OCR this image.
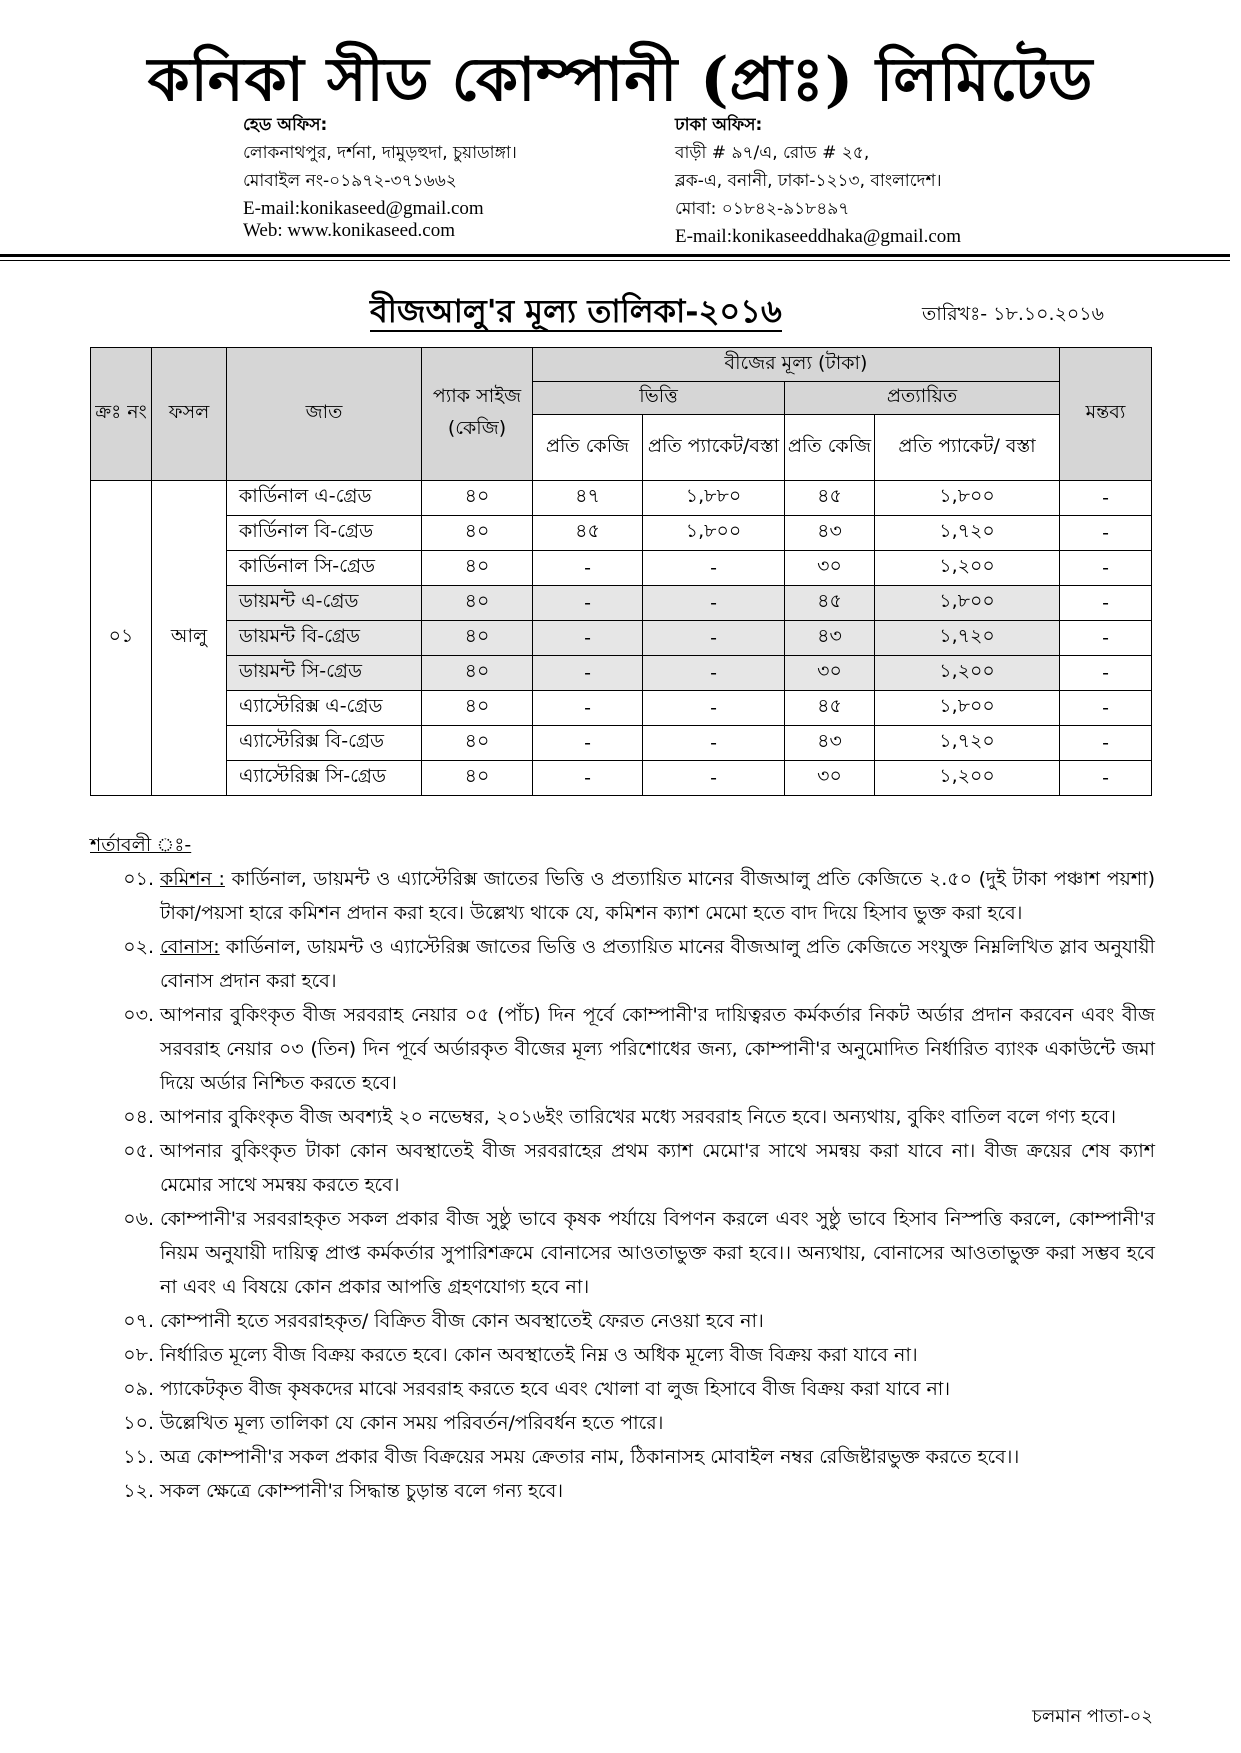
কনিকা সীড কোম্পানী (প্রাঃ) লিমিটেড
হেড অফিস:
লোকনাথপুর, দর্শনা, দামুড়হুদা, চুয়াডাঙ্গা।
মোবাইল নং-০১৯৭২-৩৭১৬৬২
E-mail:konikaseed@gmail.com
Web: www.konikaseed.com
ঢাকা অফিস:
বাড়ী # ৯৭/এ, রোড # ২৫,
ব্লক-এ, বনানী, ঢাকা-১২১৩, বাংলাদেশ।
মোবা: ০১৮৪২-৯১৮৪৯৭
E-mail:konikaseeddhaka@gmail.com
বীজআলু'র মূল্য তালিকা-২০১৬	তারিখঃ- ১৮.১০.২০১৬
ক্রঃ নং	ফসল	জাত	প্যাক সাইজ (কেজি)	বীজের মূল্য (টাকা)				মন্তব্য
				ভিত্তি		প্রত্যায়িত		
				প্রতি কেজি	প্রতি প্যাকেট/বস্তা	প্রতি কেজি	প্রতি প্যাকেট/ বস্তা	
০১	আলু	কার্ডিনাল এ-গ্রেড	৪০	৪৭	১,৮৮০	৪৫	১,৮০০	-
		কার্ডিনাল বি-গ্রেড	৪০	৪৫	১,৮০০	৪৩	১,৭২০	-
		কার্ডিনাল সি-গ্রেড	৪০	-	-	৩০	১,২০০	-
		ডায়মন্ট এ-গ্রেড	৪০	-	-	৪৫	১,৮০০	-
		ডায়মন্ট বি-গ্রেড	৪০	-	-	৪৩	১,৭২০	-
		ডায়মন্ট সি-গ্রেড	৪০	-	-	৩০	১,২০০	-
		এ্যাস্টেরিক্স এ-গ্রেড	৪০	-	-	৪৫	১,৮০০	-
		এ্যাস্টেরিক্স বি-গ্রেড	৪০	-	-	৪৩	১,৭২০	-
		এ্যাস্টেরিক্স সি-গ্রেড	৪০	-	-	৩০	১,২০০	-
শর্তাবলী ঃ-
০১. কমিশন : কার্ডিনাল, ডায়মন্ট ও এ্যাস্টেরিক্স জাতের ভিত্তি ও প্রত্যায়িত মানের বীজআলু প্রতি কেজিতে ২.৫০ (দুই টাকা পঞ্চাশ পয়শা) টাকা/পয়সা হারে কমিশন প্রদান করা হবে। উল্লেখ্য থাকে যে, কমিশন ক্যাশ মেমো হতে বাদ দিয়ে হিসাব ভুক্ত করা হবে।
০২. বোনাস: কার্ডিনাল, ডায়মন্ট ও এ্যাস্টেরিক্স জাতের ভিত্তি ও প্রত্যায়িত মানের বীজআলু প্রতি কেজিতে সংযুক্ত নিম্নলিখিত স্লাব অনুযায়ী বোনাস প্রদান করা হবে।
০৩. আপনার বুকিংকৃত বীজ সরবরাহ নেয়ার ০৫ (পাঁচ) দিন পূর্বে কোম্পানী'র দায়িত্বরত কর্মকর্তার নিকট অর্ডার প্রদান করবেন এবং বীজ সরবরাহ নেয়ার ০৩ (তিন) দিন পূর্বে অর্ডারকৃত বীজের মূল্য পরিশোধের জন্য, কোম্পানী'র অনুমোদিত নির্ধারিত ব্যাংক একাউন্টে জমা দিয়ে অর্ডার নিশ্চিত করতে হবে।
০৪. আপনার বুকিংকৃত বীজ অবশ্যই ২০ নভেম্বর, ২০১৬ইং তারিখের মধ্যে সরবরাহ নিতে হবে। অন্যথায়, বুকিং বাতিল বলে গণ্য হবে।
০৫. আপনার বুকিংকৃত টাকা কোন অবস্থাতেই বীজ সরবরাহের প্রথম ক্যাশ মেমো'র সাথে সমন্বয় করা যাবে না। বীজ ক্রয়ের শেষ ক্যাশ মেমোর সাথে সমন্বয় করতে হবে।
০৬. কোম্পানী'র সরবরাহকৃত সকল প্রকার বীজ সুষ্ঠু ভাবে কৃষক পর্যায়ে বিপণন করলে এবং সুষ্ঠু ভাবে হিসাব নিস্পত্তি করলে, কোম্পানী'র নিয়ম অনুযায়ী দায়িত্ব প্রাপ্ত কর্মকর্তার সুপারিশক্রমে বোনাসের আওতাভুক্ত করা হবে।। অন্যথায়, বোনাসের আওতাভুক্ত করা সম্ভব হবে না এবং এ বিষয়ে কোন প্রকার আপত্তি গ্রহণযোগ্য হবে না।
০৭. কোম্পানী হতে সরবরাহকৃত/ বিক্রিত বীজ কোন অবস্থাতেই ফেরত নেওয়া হবে না।
০৮. নির্ধারিত মূল্যে বীজ বিক্রয় করতে হবে। কোন অবস্থাতেই নিম্ন ও অধিক মূল্যে বীজ বিক্রয় করা যাবে না।
০৯. প্যাকেটকৃত বীজ কৃষকদের মাঝে সরবরাহ করতে হবে এবং খোলা বা লুজ হিসাবে বীজ বিক্রয় করা যাবে না।
১০. উল্লেখিত মূল্য তালিকা যে কোন সময় পরিবর্তন/পরিবর্ধন হতে পারে।
১১. অত্র কোম্পানী'র সকল প্রকার বীজ বিক্রয়ের সময় ক্রেতার নাম, ঠিকানাসহ মোবাইল নম্বর রেজিষ্টারভুক্ত করতে হবে।।
১২. সকল ক্ষেত্রে কোম্পানী'র সিদ্ধান্ত চুড়ান্ত বলে গন্য হবে।
চলমান পাতা-০২
